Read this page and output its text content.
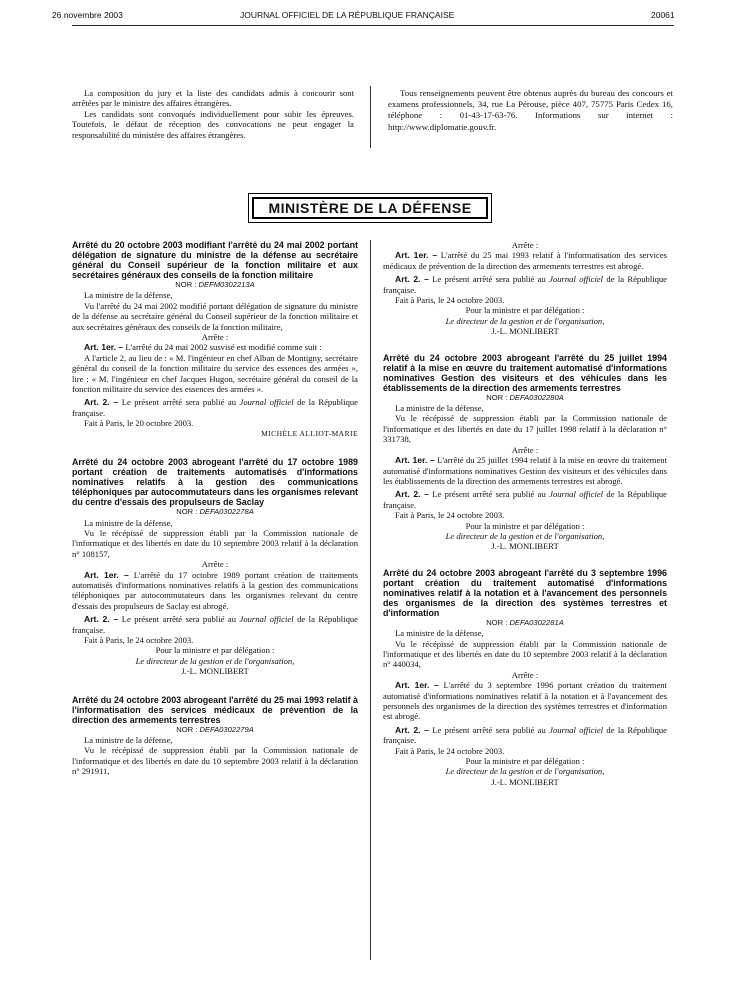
26 novembre 2003	JOURNAL OFFICIEL DE LA RÉPUBLIQUE FRANÇAISE	20061

La composition du jury et la liste des candidats admis à concourir sont arrêtées par le ministre des affaires étrangères.

Les candidats sont convoqués individuellement pour subir les épreuves. Toutefois, le défaut de réception des convocations ne peut engager la responsabilité du ministère des affaires étrangères.

Tous renseignements peuvent être obtenus auprès du bureau des concours et examens professionnels, 34, rue La Pérouse, pièce 407, 75775 Paris Cedex 16, téléphone : 01-43-17-63-76. Informations sur internet : http://www.diplomatie.gouv.fr.

MINISTÈRE DE LA DÉFENSE

Arrêté du 20 octobre 2003 modifiant l'arrêté du 24 mai 2002 portant délégation de signature du ministre de la défense au secrétaire général du Conseil supérieur de la fonction militaire et aux secrétaires généraux des conseils de la fonction militaire

NOR : DEFM0302213A

La ministre de la défense,

Vu l'arrêté du 24 mai 2002 modifié portant délégation de signature du ministre de la défense au secrétaire général du Conseil supérieur de la fonction militaire et aux secrétaires généraux des conseils de la fonction militaire,

Arrête :

Art. 1er. – L'arrêté du 24 mai 2002 susvisé est modifié comme suit :

A l'article 2, au lieu de : « M. l'ingénieur en chef Alban de Montigny, secrétaire général du conseil de la fonction militaire du service des essences des armées », lire : « M. l'ingénieur en chef Jacques Hugon, secrétaire général du conseil de la fonction militaire du service des essences des armées ».

Art. 2. – Le présent arrêté sera publié au Journal officiel de la République française.

Fait à Paris, le 20 octobre 2003.

MICHÈLE ALLIOT-MARIE

Arrêté du 24 octobre 2003 abrogeant l'arrêté du 17 octobre 1989 portant création de traitements automatisés d'informations nominatives relatifs à la gestion des communications téléphoniques par autocommutateurs dans les organismes relevant du centre d'essais des propulseurs de Saclay

NOR : DEFA0302278A

La ministre de la défense,

Vu le récépissé de suppression établi par la Commission nationale de l'informatique et des libertés en date du 10 septembre 2003 relatif à la déclaration n° 108157,

Arrête :

Art. 1er. – L'arrêté du 17 octobre 1989 portant création de traitements automatisés d'informations nominatives relatifs à la gestion des communications téléphoniques par autocommutateurs dans les organismes relevant du centre d'essais des propulseurs de Saclay est abrogé.

Art. 2. – Le présent arrêté sera publié au Journal officiel de la République française.

Fait à Paris, le 24 octobre 2003.

Pour la ministre et par délégation :

Le directeur de la gestion et de l'organisation,

J.-L. MONLIBERT

Arrêté du 24 octobre 2003 abrogeant l'arrêté du 25 mai 1993 relatif à l'informatisation des services médicaux de prévention de la direction des armements terrestres

NOR : DEFA0302279A

La ministre de la défense,

Vu le récépissé de suppression établi par la Commission nationale de l'informatique et des libertés en date du 10 septembre 2003 relatif à la déclaration n° 291911,

Arrête :

Art. 1er. – L'arrêté du 25 mai 1993 relatif à l'informatisation des services médicaux de prévention de la direction des armements terrestres est abrogé.

Art. 2. – Le présent arrêté sera publié au Journal officiel de la République française.

Fait à Paris, le 24 octobre 2003.

Pour la ministre et par délégation :

Le directeur de la gestion et de l'organisation,

J.-L. MONLIBERT

Arrêté du 24 octobre 2003 abrogeant l'arrêté du 25 juillet 1994 relatif à la mise en œuvre du traitement automatisé d'informations nominatives Gestion des visiteurs et des véhicules dans les établissements de la direction des armements terrestres

NOR : DEFA0302280A

La ministre de la défense,

Vu le récépissé de suppression établi par la Commission nationale de l'informatique et des libertés en date du 17 juillet 1998 relatif à la déclaration n° 331738,

Arrête :

Art. 1er. – L'arrêté du 25 juillet 1994 relatif à la mise en œuvre du traitement automatisé d'informations nominatives Gestion des visiteurs et des véhicules dans les établissements de la direction des armements terrestres est abrogé.

Art. 2. – Le présent arrêté sera publié au Journal officiel de la République française.

Fait à Paris, le 24 octobre 2003.

Pour la ministre et par délégation :

Le directeur de la gestion et de l'organisation,

J.-L. MONLIBERT

Arrêté du 24 octobre 2003 abrogeant l'arrêté du 3 septembre 1996 portant création du traitement automatisé d'informations nominatives relatif à la notation et à l'avancement des personnels des organismes de la direction des systèmes terrestres et d'information

NOR : DEFA0302281A

La ministre de la défense,

Vu le récépissé de suppression établi par la Commission nationale de l'informatique et des libertés en date du 10 septembre 2003 relatif à la déclaration n° 440034,

Arrête :

Art. 1er. – L'arrêté du 3 septembre 1996 portant création du traitement automatisé d'informations nominatives relatif à la notation et à l'avancement des personnels des organismes de la direction des systèmes terrestres et d'information est abrogé.

Art. 2. – Le présent arrêté sera publié au Journal officiel de la République française.

Fait à Paris, le 24 octobre 2003.

Pour la ministre et par délégation :

Le directeur de la gestion et de l'organisation,

J.-L. MONLIBERT
